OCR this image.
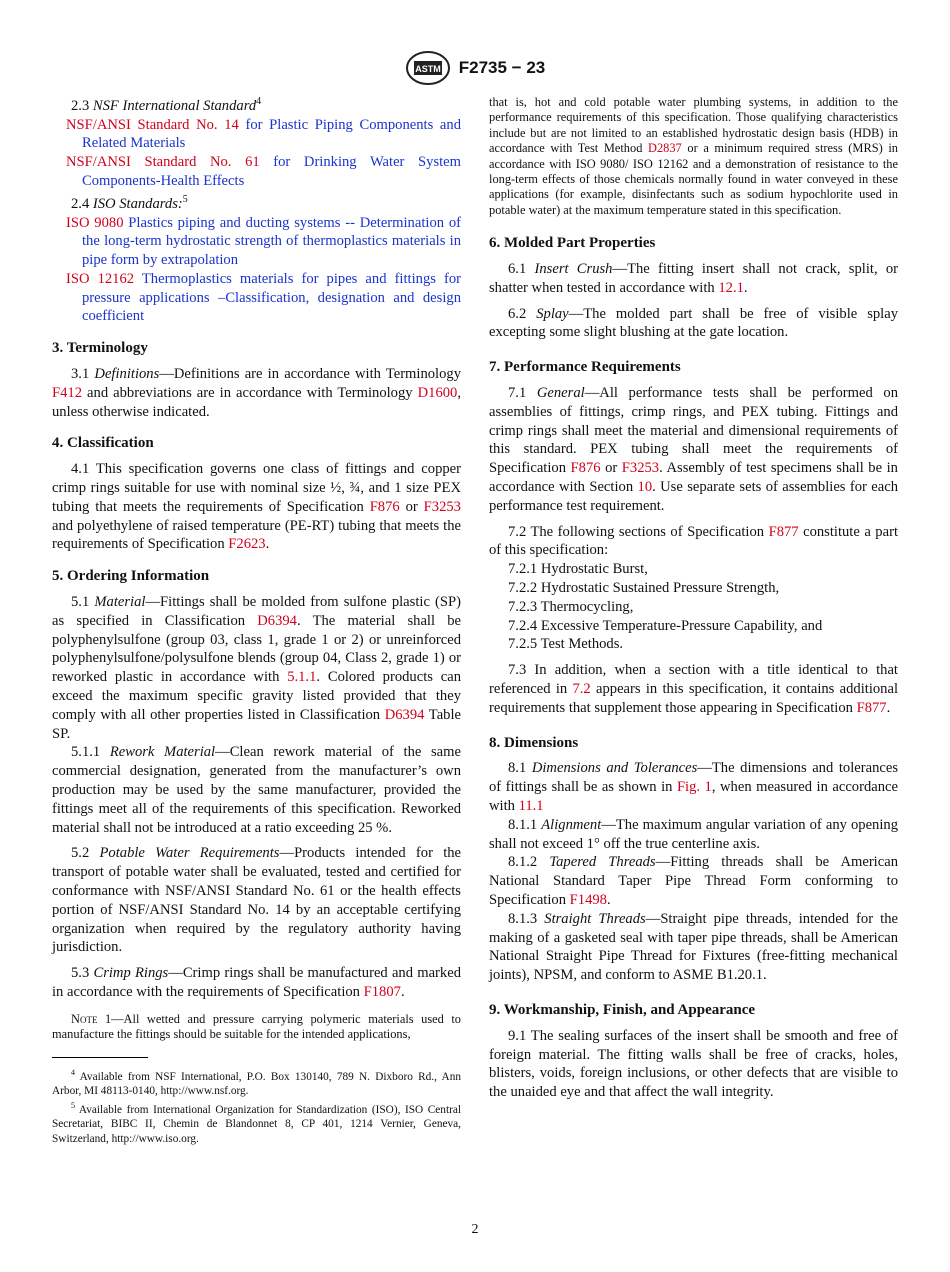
ASTM F2735 − 23

2.3 NSF International Standard$^4$

NSF/ANSI Standard No. 14 for Plastic Piping Components and Related Materials

NSF/ANSI Standard No. 61 for Drinking Water System Components-Health Effects

2.4 ISO Standards:$^5$

ISO 9080 Plastics piping and ducting systems -- Determination of the long-term hydrostatic strength of thermoplastics materials in pipe form by extrapolation

ISO 12162 Thermoplastics materials for pipes and fittings for pressure applications –Classification, designation and design coefficient

3. Terminology

3.1 Definitions—Definitions are in accordance with Terminology F412 and abbreviations are in accordance with Terminology D1600, unless otherwise indicated.

4. Classification

4.1 This specification governs one class of fittings and copper crimp rings suitable for use with nominal size ½, ¾, and 1 size PEX tubing that meets the requirements of Specification F876 or F3253 and polyethylene of raised temperature (PE-RT) tubing that meets the requirements of Specification F2623.

5. Ordering Information

5.1 Material—Fittings shall be molded from sulfone plastic (SP) as specified in Classification D6394. The material shall be polyphenylsulfone (group 03, class 1, grade 1 or 2) or unreinforced polyphenylsulfone/polysulfone blends (group 04, Class 2, grade 1) or reworked plastic in accordance with 5.1.1. Colored products can exceed the maximum specific gravity listed provided that they comply with all other properties listed in Classification D6394 Table SP.

5.1.1 Rework Material—Clean rework material of the same commercial designation, generated from the manufacturer’s own production may be used by the same manufacturer, provided the fittings meet all of the requirements of this specification. Reworked material shall not be introduced at a ratio exceeding 25 %.

5.2 Potable Water Requirements—Products intended for the transport of potable water shall be evaluated, tested and certified for conformance with NSF/ANSI Standard No. 61 or the health effects portion of NSF/ANSI Standard No. 14 by an acceptable certifying organization when required by the regulatory authority having jurisdiction.

5.3 Crimp Rings—Crimp rings shall be manufactured and marked in accordance with the requirements of Specification F1807.

Note 1—All wetted and pressure carrying polymeric materials used to manufacture the fittings should be suitable for the intended applications,

$^4$ Available from NSF International, P.O. Box 130140, 789 N. Dixboro Rd., Ann Arbor, MI 48113-0140, http://www.nsf.org.

$^5$ Available from International Organization for Standardization (ISO), ISO Central Secretariat, BIBC II, Chemin de Blandonnet 8, CP 401, 1214 Vernier, Geneva, Switzerland, http://www.iso.org.

that is, hot and cold potable water plumbing systems, in addition to the performance requirements of this specification. Those qualifying characteristics include but are not limited to an established hydrostatic design basis (HDB) in accordance with Test Method D2837 or a minimum required stress (MRS) in accordance with ISO 9080/ ISO 12162 and a demonstration of resistance to the long-term effects of those chemicals normally found in water conveyed in these applications (for example, disinfectants such as sodium hypochlorite used in potable water) at the maximum temperature stated in this specification.

6. Molded Part Properties

6.1 Insert Crush—The fitting insert shall not crack, split, or shatter when tested in accordance with 12.1.

6.2 Splay—The molded part shall be free of visible splay excepting some slight blushing at the gate location.

7. Performance Requirements

7.1 General—All performance tests shall be performed on assemblies of fittings, crimp rings, and PEX tubing. Fittings and crimp rings shall meet the material and dimensional requirements of this standard. PEX tubing shall meet the requirements of Specification F876 or F3253. Assembly of test specimens shall be in accordance with Section 10. Use separate sets of assemblies for each performance test requirement.

7.2 The following sections of Specification F877 constitute a part of this specification:

7.2.1 Hydrostatic Burst,

7.2.2 Hydrostatic Sustained Pressure Strength,

7.2.3 Thermocycling,

7.2.4 Excessive Temperature-Pressure Capability, and

7.2.5 Test Methods.

7.3 In addition, when a section with a title identical to that referenced in 7.2 appears in this specification, it contains additional requirements that supplement those appearing in Specification F877.

8. Dimensions

8.1 Dimensions and Tolerances—The dimensions and tolerances of fittings shall be as shown in Fig. 1, when measured in accordance with 11.1

8.1.1 Alignment—The maximum angular variation of any opening shall not exceed 1° off the true centerline axis.

8.1.2 Tapered Threads—Fitting threads shall be American National Standard Taper Pipe Thread Form conforming to Specification F1498.

8.1.3 Straight Threads—Straight pipe threads, intended for the making of a gasketed seal with taper pipe threads, shall be American National Straight Pipe Thread for Fixtures (free-fitting mechanical joints), NPSM, and conform to ASME B1.20.1.

9. Workmanship, Finish, and Appearance

9.1 The sealing surfaces of the insert shall be smooth and free of foreign material. The fitting walls shall be free of cracks, holes, blisters, voids, foreign inclusions, or other defects that are visible to the unaided eye and that affect the wall integrity.

2
